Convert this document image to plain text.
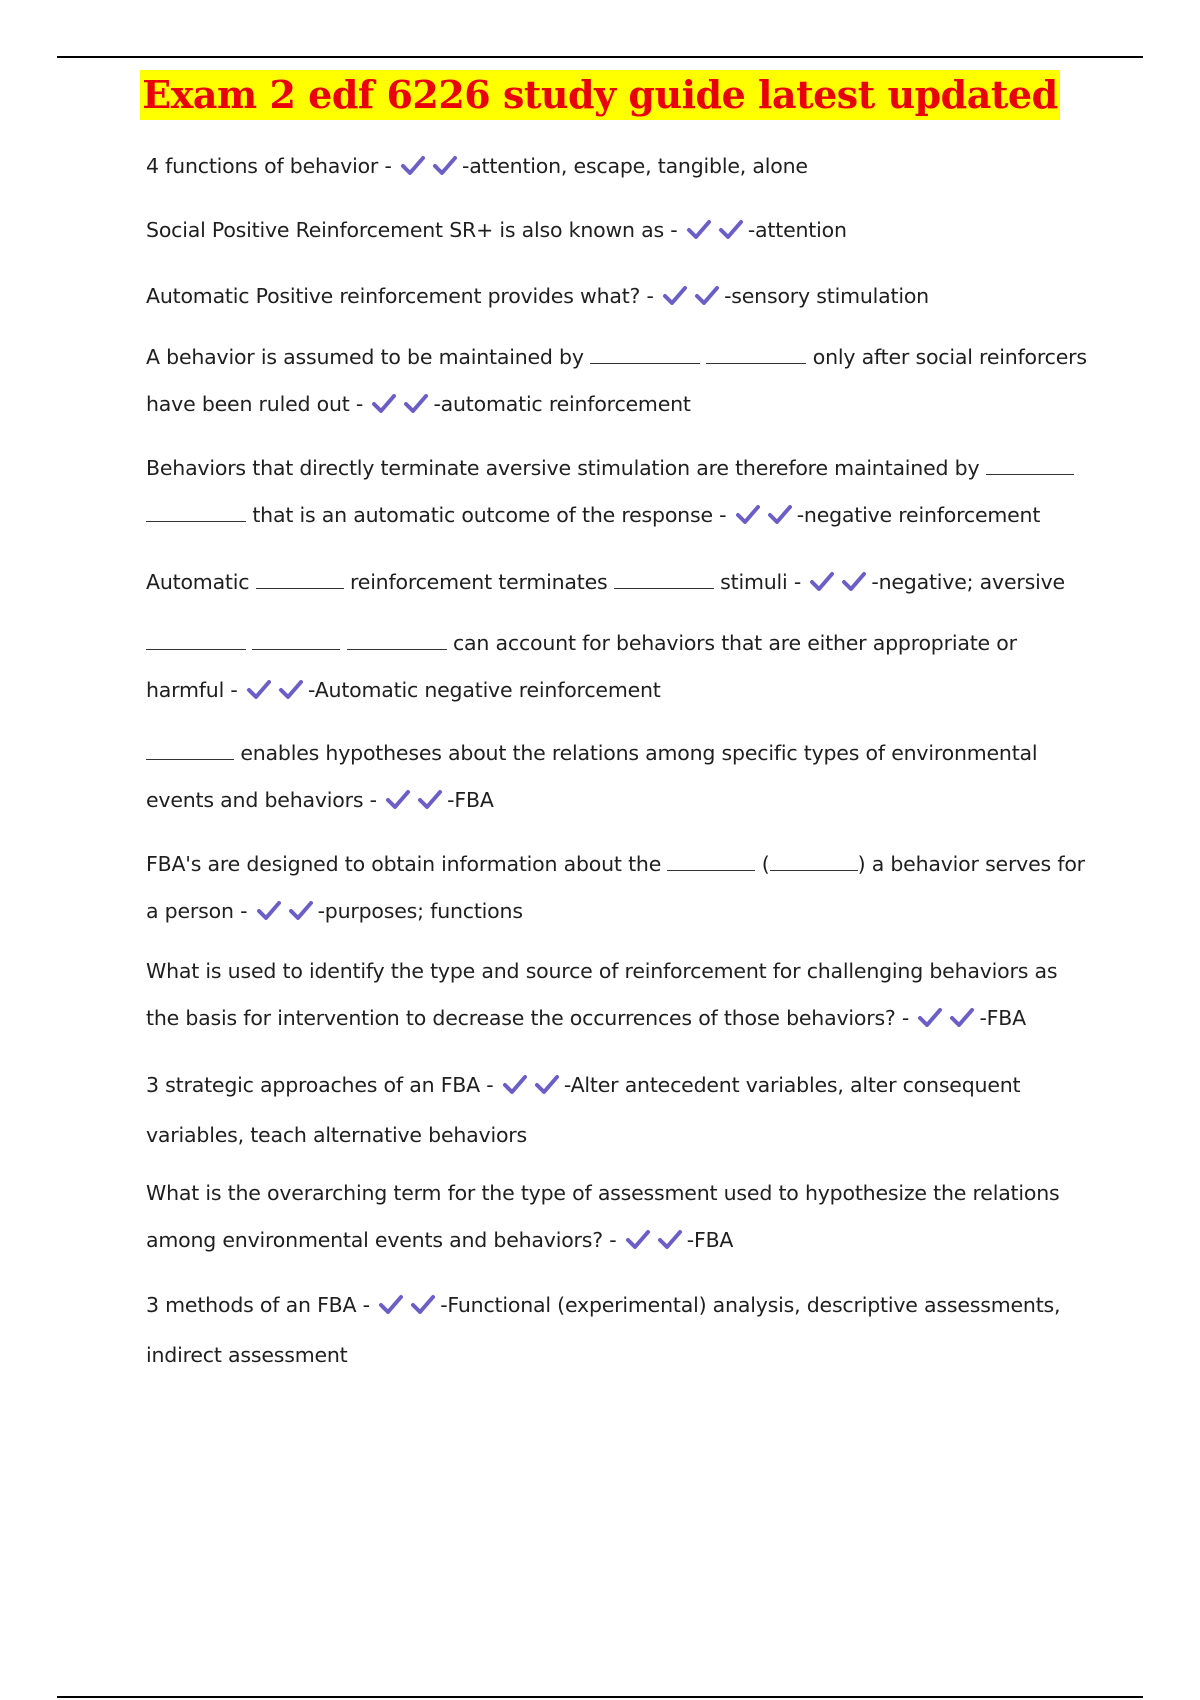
Exam 2 edf 6226 study guide latest updated

4 functions of behavior -	-attention, escape, tangible, alone

Social Positive Reinforcement SR+ is also known as -	-attention

Automatic Positive reinforcement provides what? -	-sensory stimulation

A behavior is assumed to be maintained by	only after social reinforcers have been ruled out -	-automatic reinforcement

Behaviors that directly terminate aversive stimulation are therefore maintained by   that is an automatic outcome of the response -	-negative reinforcement

Automatic	reinforcement terminates	stimuli -	-negative; aversive

can account for behaviors that are either appropriate or harmful -	-Automatic negative reinforcement

enables hypotheses about the relations among specific types of environmental events and behaviors -	-FBA

FBA's are designed to obtain information about the	(	) a behavior serves for a person -	-purposes; functions

What is used to identify the type and source of reinforcement for challenging behaviors as the basis for intervention to decrease the occurrences of those behaviors? -	-FBA

3 strategic approaches of an FBA -	-Alter antecedent variables, alter consequent variables, teach alternative behaviors

What is the overarching term for the type of assessment used to hypothesize the relations among environmental events and behaviors? -	-FBA

3 methods of an FBA -	-Functional (experimental) analysis, descriptive assessments, indirect assessment
